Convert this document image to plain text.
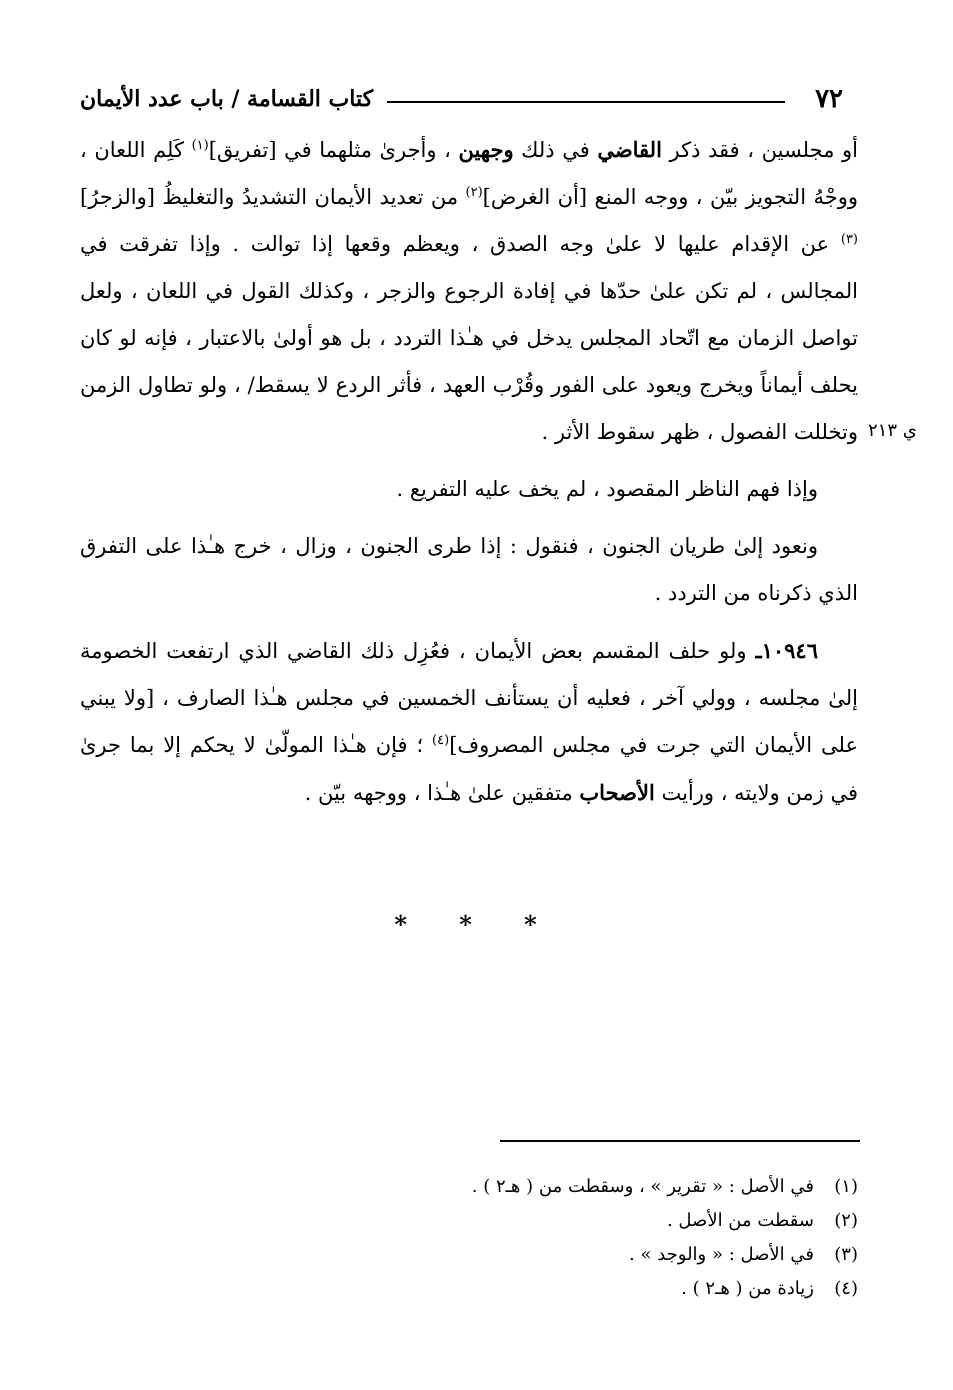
٧٢
كتاب القسامة / باب عدد الأيمان
ي ٢١٣

أو مجلسين ، فقد ذكر القاضي في ذلك وجهين ، وأجرىٰ مثلهما في [تفريق]$^{(١)}$ كَلِم اللعان ، ووجْهُ التجويز بيّن ، ووجه المنع [أن الغرض]$^{(٢)}$ من تعديد الأيمان التشديدُ والتغليظُ [والزجرُ]$^{(٣)}$ عن الإقدام عليها لا علىٰ وجه الصدق ، ويعظم وقعها إذا توالت . وإذا تفرقت في المجالس ، لم تكن علىٰ حدّها في إفادة الرجوع والزجر ، وكذلك القول في اللعان ، ولعل تواصل الزمان مع اتّحاد المجلس يدخل في هـٰذا التردد ، بل هو أولىٰ بالاعتبار ، فإنه لو كان يحلف أيماناً ويخرج ويعود على الفور وقُرْب العهد ، فأثر الردع لا يسقط/ ، ولو تطاول الزمن وتخللت الفصول ، ظهر سقوط الأثر .

وإذا فهم الناظر المقصود ، لم يخف عليه التفريع .

ونعود إلىٰ طريان الجنون ، فنقول : إذا طرى الجنون ، وزال ، خرج هـٰذا على التفرق الذي ذكرناه من التردد .

١٠٩٤٦ـ ولو حلف المقسم بعض الأيمان ، فعُزِل ذلك القاضي الذي ارتفعت الخصومة إلىٰ مجلسه ، وولي آخر ، فعليه أن يستأنف الخمسين في مجلس هـٰذا الصارف ، [ولا يبني على الأيمان التي جرت في مجلس المصروف]$^{(٤)}$ ؛ فإن هـٰذا المولّىٰ لا يحكم إلا بما جرىٰ في زمن ولايته ، ورأيت الأصحاب متفقين علىٰ هـٰذا ، ووجهه بيّن .

* * *
(١)
في الأصل : « تقرير » ، وسقطت من ( هـ٢ ) .
(٢)
سقطت من الأصل .
(٣)
في الأصل : « والوجد » .
(٤)
زيادة من ( هـ٢ ) .
